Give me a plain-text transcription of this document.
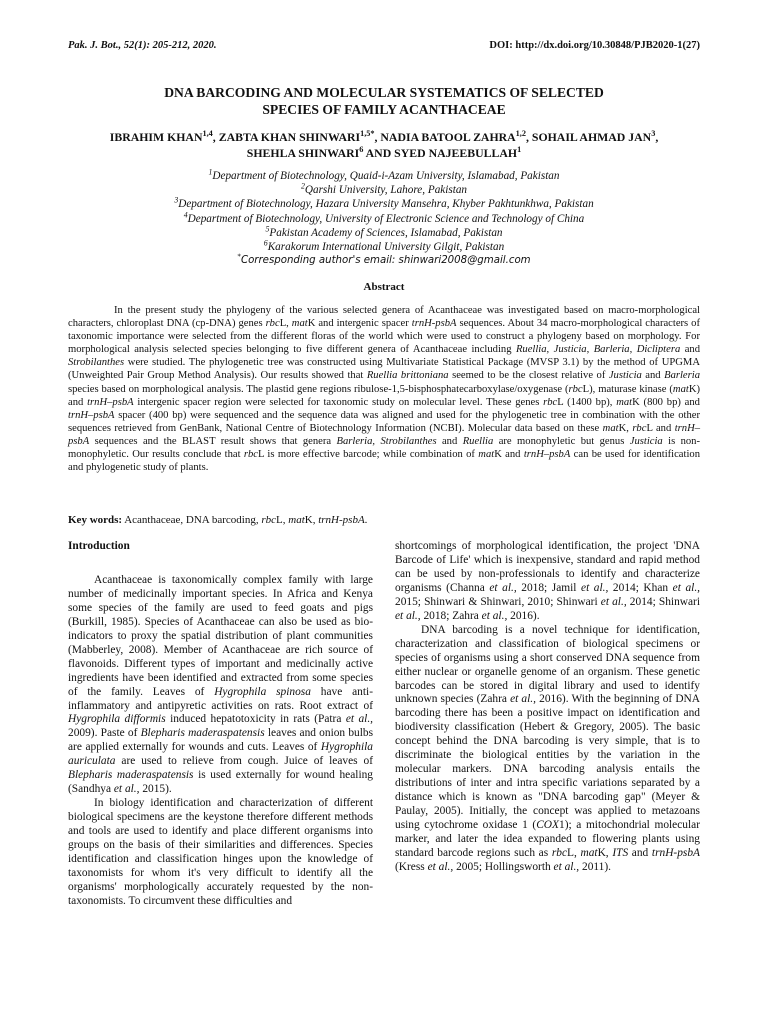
Pak. J. Bot., 52(1): 205-212, 2020.	DOI: http://dx.doi.org/10.30848/PJB2020-1(27)
DNA BARCODING AND MOLECULAR SYSTEMATICS OF SELECTED
SPECIES OF FAMILY ACANTHACEAE
IBRAHIM KHAN$^{1,4}$, ZABTA KHAN $SHINWARI^{1,5*}$, NADIA BATOOL ZAHRA$^{1,2}$, SOHAIL AHMAD JAN$^3$,
SHEHLA SHINWARI$^6$ AND SYED NAJEEBULLAH$^1$
$^1$Department of Biotechnology, Quaid-i-Azam University, Islamabad, Pakistan
$^2$Qarshi University, Lahore, Pakistan
$^3$Department of Biotechnology, Hazara University Mansehra, Khyber Pakhtunkhwa, Pakistan
$^4$Department of Biotechnology, University of Electronic Science and Technology of China
$^5$Pakistan Academy of Sciences, Islamabad, Pakistan
$^6$Karakorum International University Gilgit, Pakistan
*Corresponding author's email: shinwari2008@gmail.com
Abstract
In the present study the phylogeny of the various selected genera of Acanthaceae was investigated based on macro-morphological characters, chloroplast DNA (cp-DNA) genes rbcL, matK and intergenic spacer trnH-psbA sequences. About 34 macro-morphological characters of taxonomic importance were selected from the different floras of the world which were used to construct a phylogeny based on morphology. For morphological analysis selected species belonging to five different genera of Acanthaceae including Ruellia, Justicia, Barleria, Dicliptera and Strobilanthes were studied. The phylogenetic tree was constructed using Multivariate Statistical Package (MVSP 3.1) by the method of UPGMA (Unweighted Pair Group Method Analysis). Our results showed that Ruellia brittoniana seemed to be the closest relative of Justicia and Barleria species based on morphological analysis. The plastid gene regions ribulose-1,5-bisphosphatecarboxylase/oxygenase (rbcL), maturase kinase (matK) and trnH–psbA intergenic spacer region were selected for taxonomic study on molecular level. These genes rbcL (1400 bp), matK (800 bp) and trnH–psbA spacer (400 bp) were sequenced and the sequence data was aligned and used for the phylogenetic tree in combination with the other sequences retrieved from GenBank, National Centre of Biotechnology Information (NCBI). Molecular data based on these matK, rbcL and trnH–psbA sequences and the BLAST result shows that genera Barleria, Strobilanthes and Ruellia are monophyletic but genus Justicia is non-monophyletic. Our results conclude that rbcL is more effective barcode; while combination of matK and trnH–psbA can be used for identification and phylogenetic study of plants.
Key words: Acanthaceae, DNA barcoding, rbcL, matK, trnH-psbA.

Introduction

Acanthaceae is taxonomically complex family with large number of medicinally important species. In Africa and Kenya some species of the family are used to feed goats and pigs (Burkill, 1985). Species of Acanthaceae can also be used as bio-indicators to proxy the spatial distribution of plant communities (Mabberley, 2008). Member of Acanthaceae are rich source of flavonoids. Different types of important and medicinally active ingredients have been identified and extracted from some species of the family. Leaves of Hygrophila spinosa have anti-inflammatory and antipyretic activities on rats. Root extract of Hygrophila difformis induced hepatotoxicity in rats (Patra et al., 2009). Paste of Blepharis maderaspatensis leaves and onion bulbs are applied externally for wounds and cuts. Leaves of Hygrophila auriculata are used to relieve from cough. Juice of leaves of Blepharis maderaspatensis is used externally for wound healing (Sandhya et al., 2015).

In biology identification and characterization of different biological specimens are the keystone therefore different methods and tools are used to identify and place different organisms into groups on the basis of their similarities and differences. Species identification and classification hinges upon the knowledge of taxonomists for whom it's very difficult to identify all the organisms' morphologically accurately requested by the non-taxonomists. To circumvent these difficulties and

shortcomings of morphological identification, the project 'DNA Barcode of Life' which is inexpensive, standard and rapid method can be used by non-professionals to identify and characterize organisms (Channa et al., 2018; Jamil et al., 2014; Khan et al., 2015; Shinwari & Shinwari, 2010; Shinwari et al., 2014; Shinwari et al., 2018; Zahra et al., 2016).

DNA barcoding is a novel technique for identification, characterization and classification of biological specimens or species of organisms using a short conserved DNA sequence from either nuclear or organelle genome of an organism. These genetic barcodes can be stored in digital library and used to identify unknown species (Zahra et al., 2016). With the beginning of DNA barcoding there has been a positive impact on identification and biodiversity classification (Hebert & Gregory, 2005). The basic concept behind the DNA barcoding is very simple, that is to discriminate the biological entities by the variation in the molecular markers. DNA barcoding analysis entails the distributions of inter and intra specific variations separated by a distance which is known as "DNA barcoding gap" (Meyer & Paulay, 2005). Initially, the concept was applied to metazoans using cytochrome oxidase 1 (COX1); a mitochondrial molecular marker, and later the idea expanded to flowering plants using standard barcode regions such as rbcL, matK, ITS and trnH-psbA (Kress et al., 2005; Hollingsworth et al., 2011).
